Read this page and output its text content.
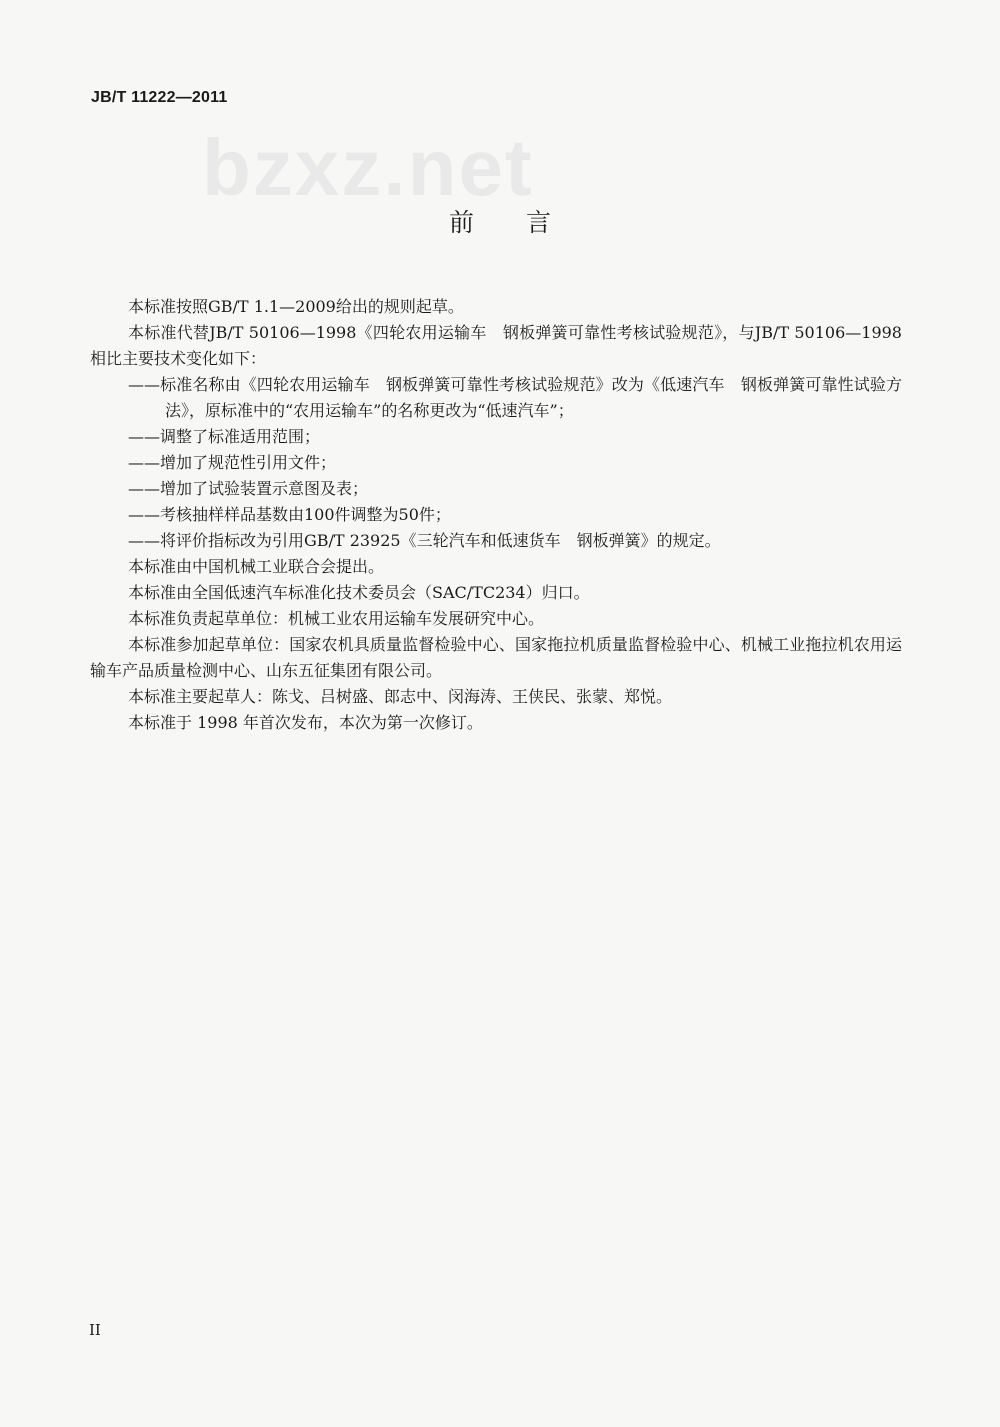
JB/T 11222—2011
bzxz.net
前言

本标准按照GB/T 1.1—2009给出的规则起草。

本标准代替JB/T 50106—1998《四轮农用运输车　钢板弹簧可靠性考核试验规范》，与JB/T 50106—1998相比主要技术变化如下：

——标准名称由《四轮农用运输车　钢板弹簧可靠性考核试验规范》改为《低速汽车　钢板弹簧可靠性试验方法》，原标准中的“农用运输车”的名称更改为“低速汽车”；

——调整了标准适用范围；

——增加了规范性引用文件；

——增加了试验装置示意图及表；

——考核抽样样品基数由100件调整为50件；

——将评价指标改为引用GB/T 23925《三轮汽车和低速货车　钢板弹簧》的规定。

本标准由中国机械工业联合会提出。

本标准由全国低速汽车标准化技术委员会（SAC/TC234）归口。

本标准负责起草单位：机械工业农用运输车发展研究中心。

本标准参加起草单位：国家农机具质量监督检验中心、国家拖拉机质量监督检验中心、机械工业拖拉机农用运输车产品质量检测中心、山东五征集团有限公司。

本标准主要起草人：陈戈、吕树盛、郎志中、闵海涛、王侠民、张蒙、郑悦。

本标准于 1998 年首次发布，本次为第一次修订。

II
